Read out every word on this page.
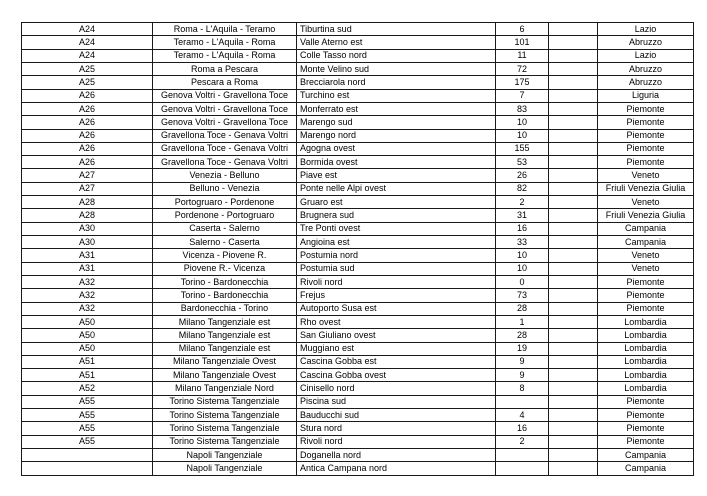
A24	Roma - L'Aquila - Teramo	Tiburtina sud	6		Lazio
A24	Teramo - L'Aquila - Roma	Valle Aterno est	101		Abruzzo
A24	Teramo - L'Aquila - Roma	Colle Tasso nord	11		Lazio
A25	Roma a Pescara	Monte Velino sud	72		Abruzzo
A25	Pescara a Roma	Brecciarola nord	175		Abruzzo
A26	Genova Voltri - Gravellona Toce	Turchino est	7		Liguria
A26	Genova Voltri - Gravellona Toce	Monferrato est	83		Piemonte
A26	Genova Voltri - Gravellona Toce	Marengo sud	10		Piemonte
A26	Gravellona Toce - Genava Voltri	Marengo nord	10		Piemonte
A26	Gravellona Toce - Genava Voltri	Agogna ovest	155		Piemonte
A26	Gravellona Toce - Genava Voltri	Bormida ovest	53		Piemonte
A27	Venezia - Belluno	Piave est	26		Veneto
A27	Belluno - Venezia	Ponte nelle Alpi ovest	82		Friuli Venezia Giulia
A28	Portogruaro - Pordenone	Gruaro est	2		Veneto
A28	Pordenone - Portogruaro	Brugnera sud	31		Friuli Venezia Giulia
A30	Caserta - Salerno	Tre Ponti ovest	16		Campania
A30	Salerno - Caserta	Angioina est	33		Campania
A31	Vicenza - Piovene R.	Postumia nord	10		Veneto
A31	Piovene R.- Vicenza	Postumia sud	10		Veneto
A32	Torino - Bardonecchia	Rivoli nord	0		Piemonte
A32	Torino - Bardonecchia	Frejus	73		Piemonte
A32	Bardonecchia - Torino	Autoporto Susa est	28		Piemonte
A50	Milano Tangenziale est	Rho ovest	1		Lombardia
A50	Milano Tangenziale est	San Giuliano ovest	28		Lombardia
A50	Milano Tangenziale est	Muggiano est	19		Lombardia
A51	Milano Tangenziale Ovest	Cascina Gobba est	9		Lombardia
A51	Milano Tangenziale Ovest	Cascina Gobba ovest	9		Lombardia
A52	Milano Tangenziale Nord	Cinisello nord	8		Lombardia
A55	Torino Sistema Tangenziale	Piscina sud			Piemonte
A55	Torino Sistema Tangenziale	Bauducchi sud	4		Piemonte
A55	Torino Sistema Tangenziale	Stura nord	16		Piemonte
A55	Torino Sistema Tangenziale	Rivoli nord	2		Piemonte
	Napoli Tangenziale	Doganella nord			Campania
	Napoli Tangenziale	Antica Campana nord			Campania
